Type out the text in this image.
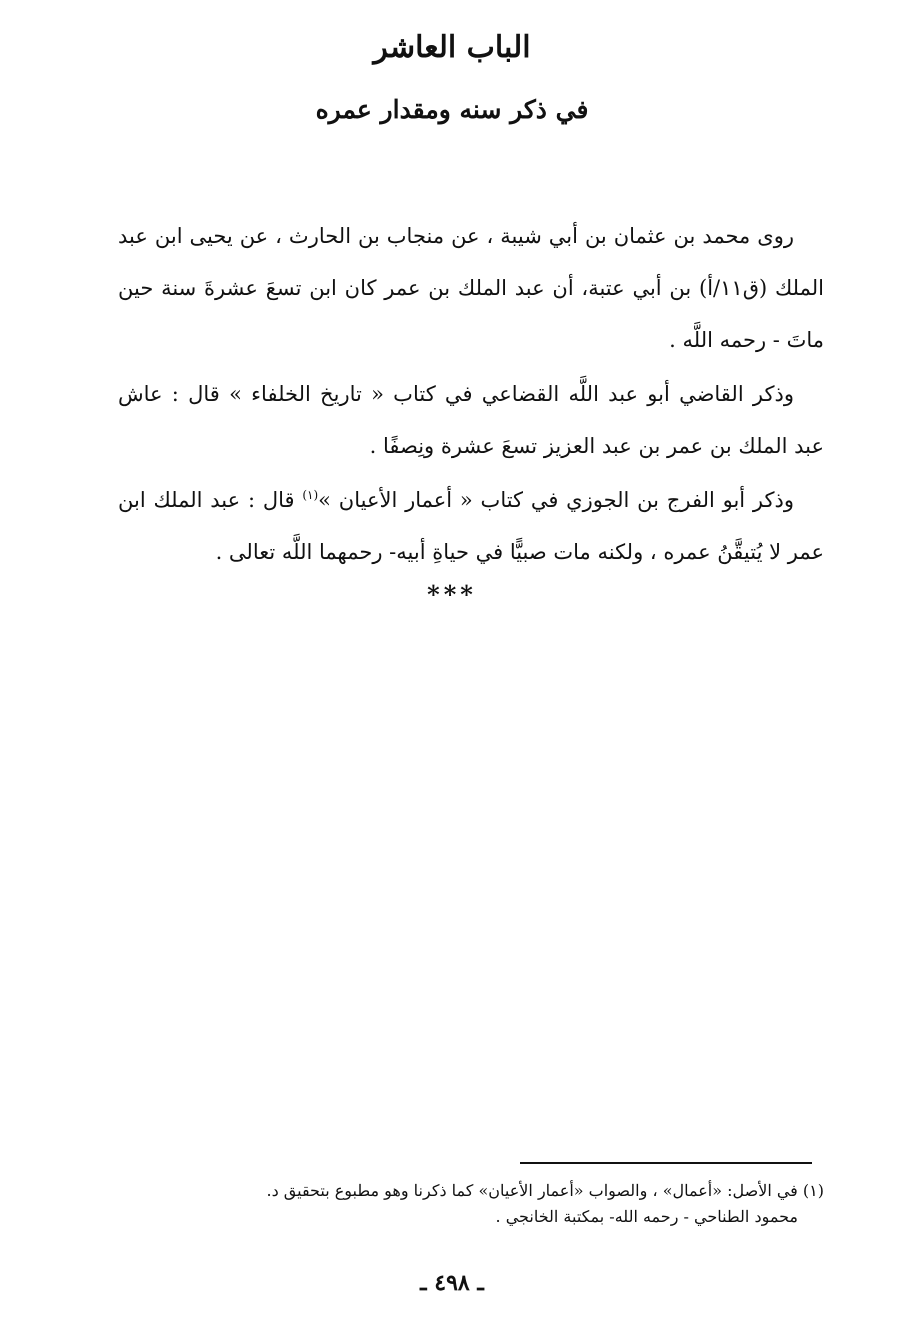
الباب العاشر
في ذكر سنه ومقدار عمره

روى محمد بن عثمان بن أبي شيبة ، عن منجاب بن الحارث ، عن يحيى ابن عبد الملك (ق١١/أ) بن أبي عتبة، أن عبد الملك بن عمر كان ابن تسعَ عشرةَ سنة حين ماتَ - رحمه اللَّه .

وذكر القاضي أبو عبد اللَّه القضاعي في كتاب « تاريخ الخلفاء » قال : عاش عبد الملك بن عمر بن عبد العزيز تسعَ عشرة ونِصفًا .

وذكر أبو الفرج بن الجوزي في كتاب « أعمار الأعيان »$^{(١)}$ قال : عبد الملك ابن عمر لا يُتيقَّنُ عمره ، ولكنه مات صبيًّا في حياةِ أبيه- رحمهما اللَّه تعالى .

***
(١) في الأصل: «أعمال» ، والصواب «أعمار الأعيان» كما ذكرنا وهو مطبوع بتحقيق د.
محمود الطناحي - رحمه الله- بمكتبة الخانجي .
ـ ٤٩٨ ـ
